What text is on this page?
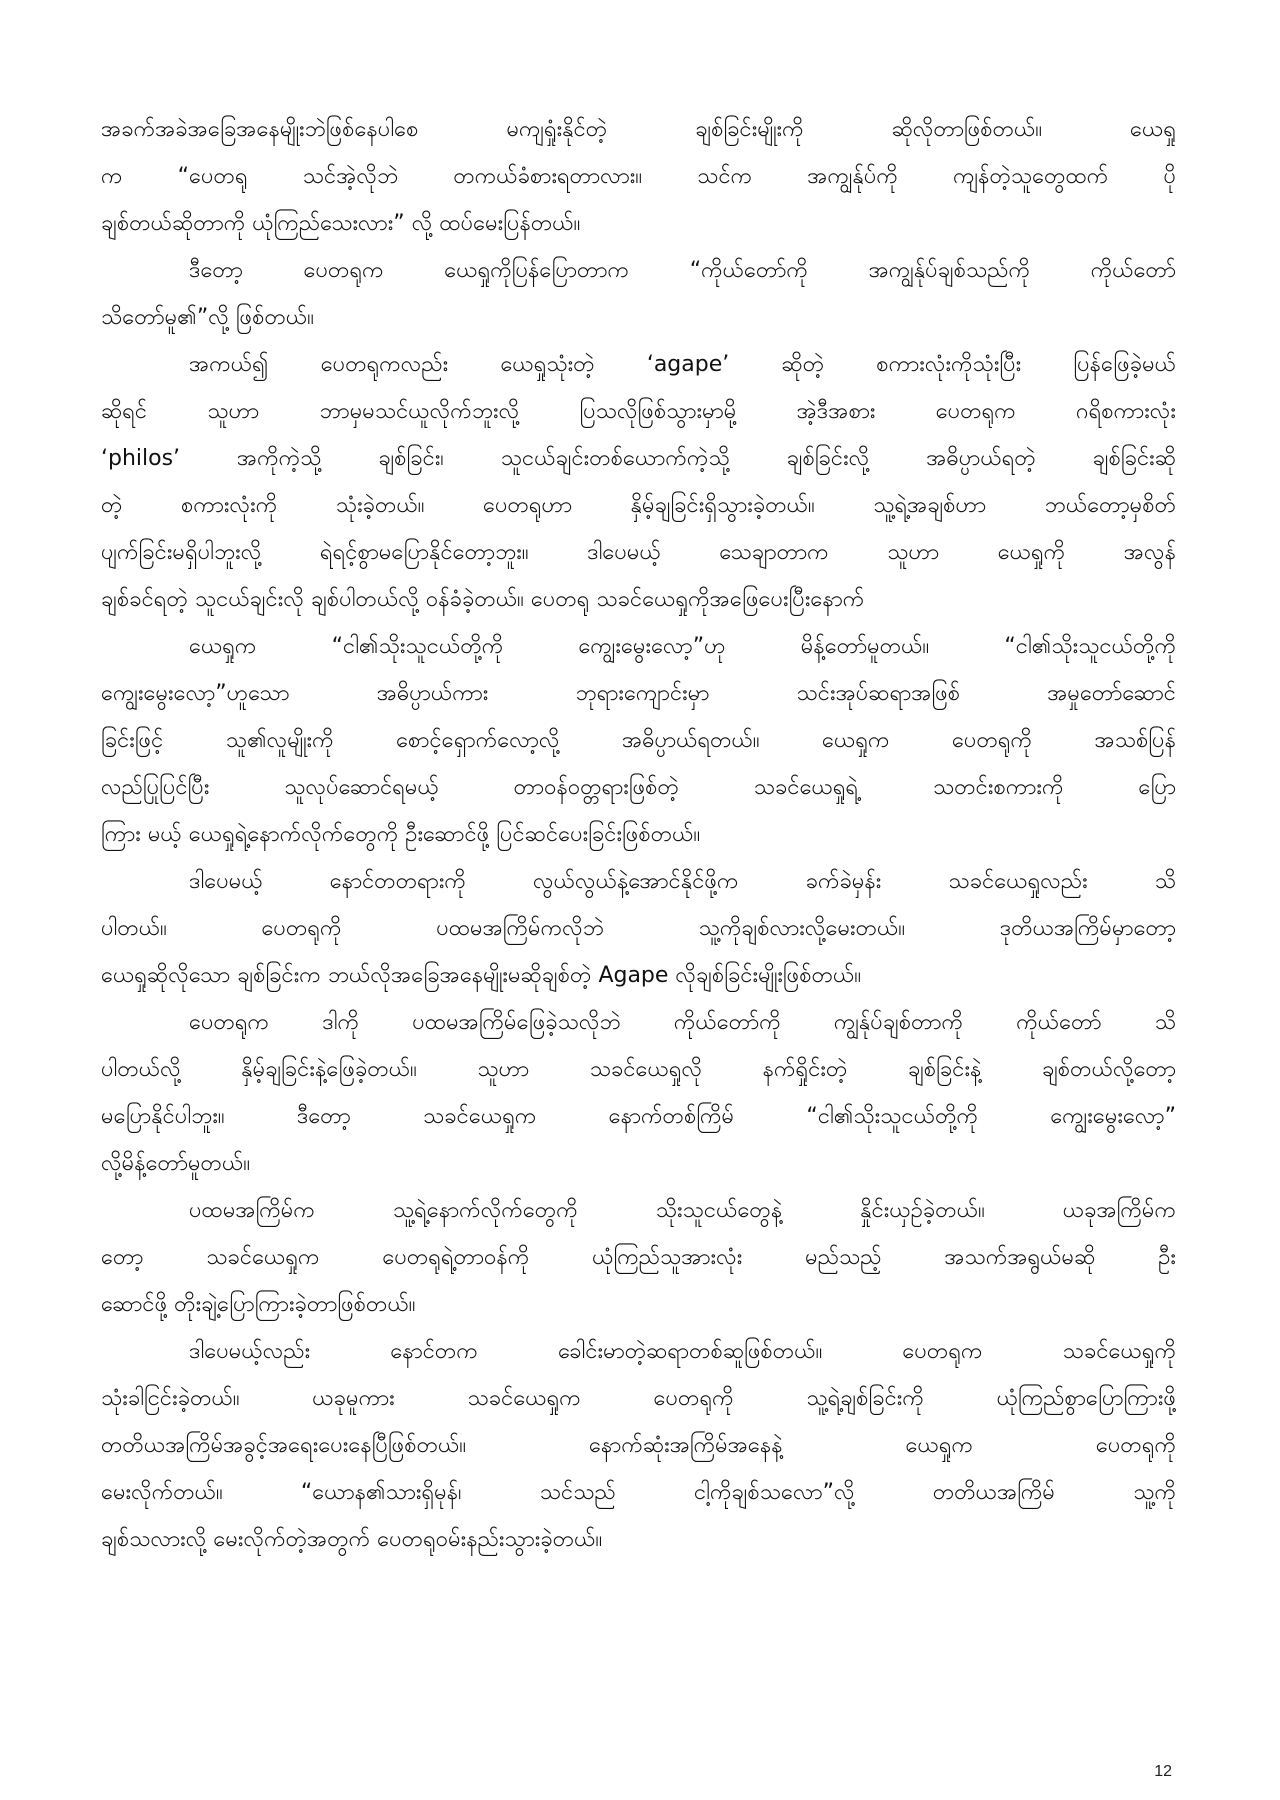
အခက်အခဲအခြေအနေမျိုးဘဲဖြစ်နေပါစေ မကျရှုံးနိုင်တဲ့ ချစ်ခြင်းမျိုးကို ဆိုလိုတာဖြစ်တယ်။ ယေရှု
က “ပေတရု သင်အဲ့လိုဘဲ တကယ်ခံစားရတာလား။ သင်က အကျွန်ုပ်ကို ကျန်တဲ့သူတွေထက် ပို
ချစ်တယ်ဆိုတာကို ယုံကြည်သေးလား” လို့ ထပ်မေးပြန်တယ်။

ဒီတော့ ပေတရုက ယေရှုကိုပြန်ပြောတာက “ကိုယ်တော်ကို အကျွန်ုပ်ချစ်သည်ကို ကိုယ်တော်
သိတော်မူ၏”လို့ ဖြစ်တယ်။

အကယ်၍ ပေတရုကလည်း ယေရှုသုံးတဲ့ ‘agape’ ဆိုတဲ့ စကားလုံးကိုသုံးပြီး ပြန်ဖြေခဲ့မယ်
ဆိုရင် သူဟာ ဘာမှမသင်ယူလိုက်ဘူးလို့ ပြသလိုဖြစ်သွားမှာမို့ အဲ့ဒီအစား ပေတရုက ဂရိစကားလုံး
‘philos’ အကိုကဲ့သို့ ချစ်ခြင်း၊ သူငယ်ချင်းတစ်ယောက်ကဲ့သို့ ချစ်ခြင်းလို့ အဓိပ္ပာယ်ရတဲ့ ချစ်ခြင်းဆို
တဲ့ စကားလုံးကို သုံးခဲ့တယ်။ ပေတရုဟာ နှိမ့်ချခြင်းရှိသွားခဲ့တယ်။ သူ့ရဲ့အချစ်ဟာ ဘယ်တော့မှစိတ်
ပျက်ခြင်းမရှိပါဘူးလို့ ရဲရင့်စွာမပြောနိုင်တော့ဘူး။ ဒါပေမယ့် သေချာတာက သူဟာ ယေရှုကို အလွန်
ချစ်ခင်ရတဲ့ သူငယ်ချင်းလို ချစ်ပါတယ်လို့ ဝန်ခံခဲ့တယ်။ ပေတရု သခင်ယေရှုကိုအဖြေပေးပြီးနောက်

ယေရှုက “ငါ၏သိုးသူငယ်တို့ကို ကျွေးမွေးလော့”ဟု မိန့်တော်မူတယ်။ “ငါ၏သိုးသူငယ်တို့ကို
ကျွေးမွေးလော့”ဟူသော အဓိပ္ပာယ်ကား ဘုရားကျောင်းမှာ သင်းအုပ်ဆရာအဖြစ် အမှုတော်ဆောင်
ခြင်းဖြင့် သူ၏လူမျိုးကို စောင့်ရှောက်လော့လို့ အဓိပ္ပာယ်ရတယ်။ ယေရှုက ပေတရုကို အသစ်ပြန်
လည်ပြုပြင်ပြီး သူလုပ်ဆောင်ရမယ့် တာဝန်ဝတ္တရားဖြစ်တဲ့ သခင်ယေရှုရဲ့ သတင်းစကားကို ပြော
ကြား မယ့် ယေရှုရဲ့နောက်လိုက်တွေကို ဦးဆောင်ဖို့ ပြင်ဆင်ပေးခြင်းဖြစ်တယ်။

ဒါပေမယ့် နောင်တတရားကို လွယ်လွယ်နဲ့အောင်နိုင်ဖို့က ခက်ခဲမှန်း သခင်ယေရှုလည်း သိ
ပါတယ်။ ပေတရုကို ပထမအကြိမ်ကလိုဘဲ သူ့ကိုချစ်လားလို့မေးတယ်။ ဒုတိယအကြိမ်မှာတော့
ယေရှုဆိုလိုသော ချစ်ခြင်းက ဘယ်လိုအခြေအနေမျိုးမဆိုချစ်တဲ့ Agape လိုချစ်ခြင်းမျိုးဖြစ်တယ်။

ပေတရုက ဒါကို ပထမအကြိမ်ဖြေခဲ့သလိုဘဲ ကိုယ်တော်ကို ကျွန်ုပ်ချစ်တာကို ကိုယ်တော် သိ
ပါတယ်လို့ နှိမ့်ချခြင်းနဲ့ဖြေခဲ့တယ်။ သူဟာ သခင်ယေရှုလို နက်ရှိုင်းတဲ့ ချစ်ခြင်းနဲ့ ချစ်တယ်လို့တော့
မပြောနိုင်ပါဘူး။ ဒီတော့ သခင်ယေရှုက နောက်တစ်ကြိမ် “ငါ၏သိုးသူငယ်တို့ကို ကျွေးမွေးလော့”
လို့မိန့်တော်မူတယ်။

ပထမအကြိမ်က သူ့ရဲ့နောက်လိုက်တွေကို သိုးသူငယ်တွေနဲ့ နှိုင်းယှဉ်ခဲ့တယ်။ ယခုအကြိမ်က
တော့ သခင်ယေရှုက ပေတရုရဲ့တာဝန်ကို ယုံကြည်သူအားလုံး မည်သည့် အသက်အရွယ်မဆို ဦး
ဆောင်ဖို့ တိုးချဲ့ပြောကြားခဲ့တာဖြစ်တယ်။

ဒါပေမယ့်လည်း နောင်တက ခေါင်းမာတဲ့ဆရာတစ်ဆူဖြစ်တယ်။ ပေတရုက သခင်ယေရှုကို
သုံးခါငြင်းခဲ့တယ်။ ယခုမူကား သခင်ယေရှုက ပေတရုကို သူ့ရဲ့ချစ်ခြင်းကို ယုံကြည်စွာပြောကြားဖို့
တတိယအကြိမ်အခွင့်အရေးပေးနေပြီဖြစ်တယ်။ နောက်ဆုံးအကြိမ်အနေနဲ့ ယေရှုက ပေတရုကို
မေးလိုက်တယ်။ “ယောန၏သားရှိမုန်၊ သင်သည် ငါ့ကိုချစ်သလော”လို့ တတိယအကြိမ် သူ့ကို
ချစ်သလားလို့ မေးလိုက်တဲ့အတွက် ပေတရုဝမ်းနည်းသွားခဲ့တယ်။

12
